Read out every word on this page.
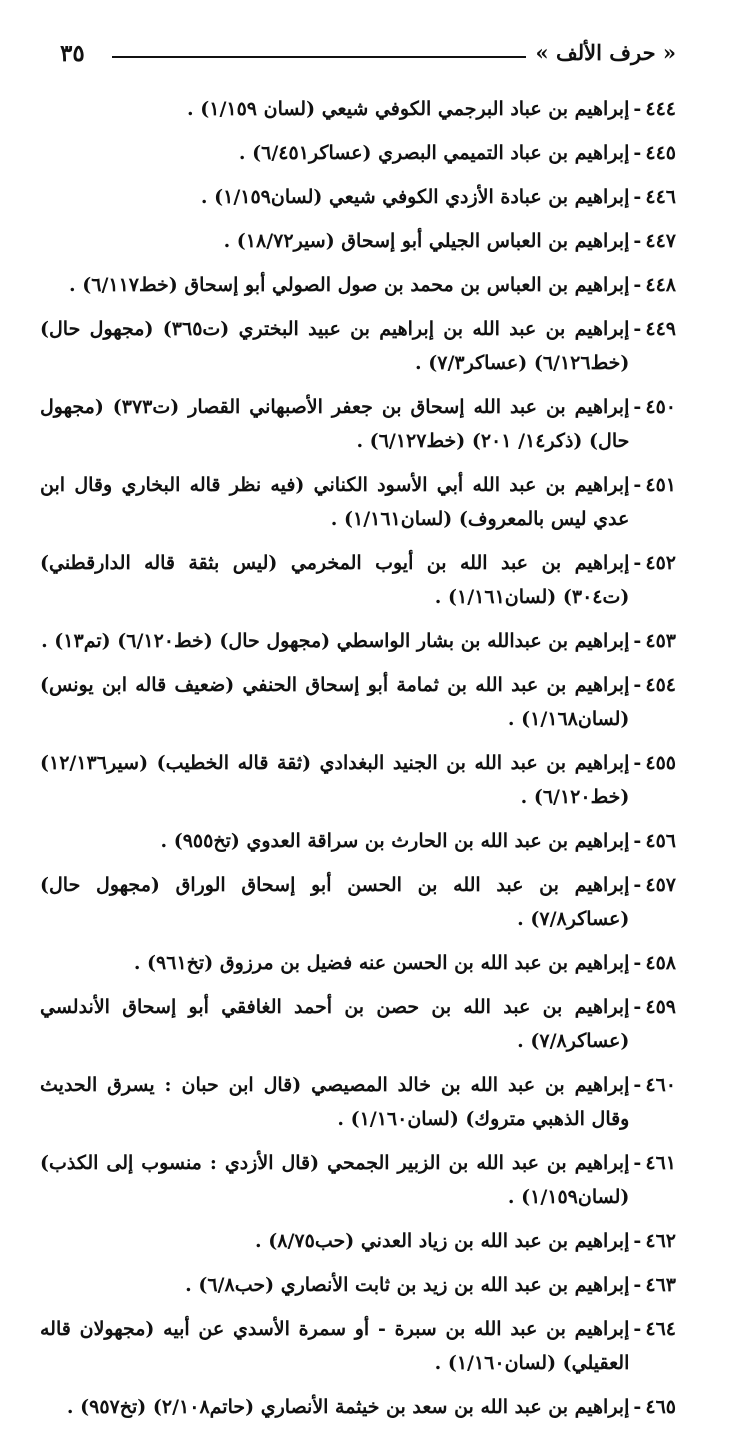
٣٥	« حرف الألف »
٤٤٤
-
إبراهيم بن عباد البرجمي الكوفي شيعي (لسان ١/١٥٩) .
٤٤٥
-
إبراهيم بن عباد التميمي البصري (عساكر٦/٤٥١) .
٤٤٦
-
إبراهيم بن عبادة الأزدي الكوفي شيعي (لسان١/١٥٩) .
٤٤٧
-
إبراهيم بن العباس الجيلي أبو إسحاق (سير١٨/٧٢) .
٤٤٨
-
إبراهيم بن العباس بن محمد بن صول الصولي أبو إسحاق (خط٦/١١٧) .
٤٤٩
-
إبراهيم بن عبد الله بن إبراهيم بن عبيد البختري (ت٣٦٥) (مجهول حال) (خط٦/١٢٦) (عساكر٧/٣) .
٤٥٠
-
إبراهيم بن عبد الله إسحاق بن جعفر الأصبهاني القصار (ت٣٧٣) (مجهول حال) (ذكر١٤/ ٢٠١) (خط٦/١٢٧) .
٤٥١
-
إبراهيم بن عبد الله أبي الأسود الكناني (فيه نظر قاله البخاري وقال ابن عدي ليس بالمعروف) (لسان١/١٦١) .
٤٥٢
-
إبراهيم بن عبد الله بن أيوب المخرمي (ليس بثقة قاله الدارقطني) (ت٣٠٤) (لسان١/١٦١) .
٤٥٣
-
إبراهيم بن عبدالله بن بشار الواسطي (مجهول حال) (خط٦/١٢٠) (تم١٣) .
٤٥٤
-
إبراهيم بن عبد الله بن ثمامة أبو إسحاق الحنفي (ضعيف قاله ابن يونس) (لسان١/١٦٨) .
٤٥٥
-
إبراهيم بن عبد الله بن الجنيد البغدادي (ثقة قاله الخطيب) (سير١٢/١٣٦) (خط٦/١٢٠) .
٤٥٦
-
إبراهيم بن عبد الله بن الحارث بن سراقة العدوي (تخ٩٥٥) .
٤٥٧
-
إبراهيم بن عبد الله بن الحسن أبو إسحاق الوراق (مجهول حال) (عساكر٧/٨) .
٤٥٨
-
إبراهيم بن عبد الله بن الحسن عنه فضيل بن مرزوق (تخ٩٦١) .
٤٥٩
-
إبراهيم بن عبد الله بن حصن بن أحمد الغافقي أبو إسحاق الأندلسي (عساكر٧/٨) .
٤٦٠
-
إبراهيم بن عبد الله بن خالد المصيصي (قال ابن حبان : يسرق الحديث وقال الذهبي متروك) (لسان١/١٦٠) .
٤٦١
-
إبراهيم بن عبد الله بن الزبير الجمحي (قال الأزدي : منسوب إلى الكذب) (لسان١/١٥٩) .
٤٦٢
-
إبراهيم بن عبد الله بن زياد العدني (حب٨/٧٥) .
٤٦٣
-
إبراهيم بن عبد الله بن زيد بن ثابت الأنصاري (حب٦/٨) .
٤٦٤
-
إبراهيم بن عبد الله بن سبرة - أو سمرة الأسدي عن أبيه (مجهولان قاله العقيلي) (لسان١/١٦٠) .
٤٦٥
-
إبراهيم بن عبد الله بن سعد بن خيثمة الأنصاري (حاتم٢/١٠٨) (تخ٩٥٧) .
